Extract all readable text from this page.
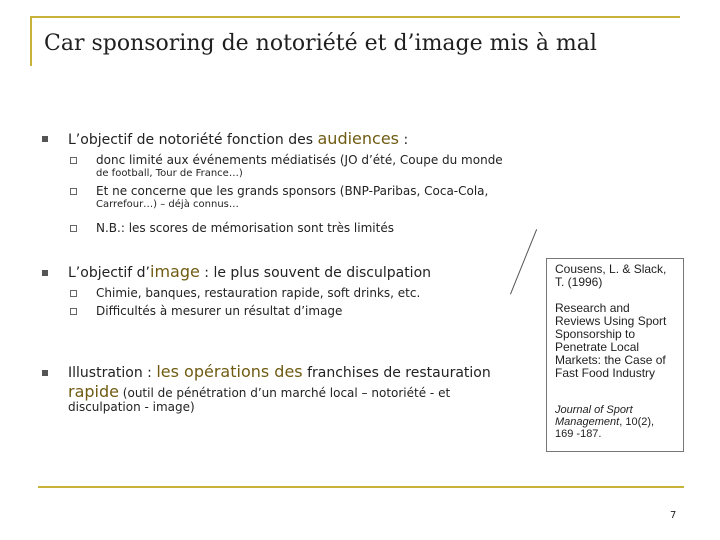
Car sponsoring de notoriété et d’image mis à mal
L’objectif de notoriété fonction des audiences :
donc limité aux événements médiatisés (JO d’été, Coupe du monde
de football, Tour de France…)
Et ne concerne que les grands sponsors (BNP-Paribas, Coca-Cola,
Carrefour…) – déjà connus…
N.B.: les scores de mémorisation sont très limités
L’objectif d’image : le plus souvent de disculpation
Chimie, banques, restauration rapide, soft drinks, etc.
Difficultés à mesurer un résultat d’image
Illustration : les opérations des franchises de restauration
rapide (outil de pénétration d’un marché local – notoriété - et
disculpation - image)
Cousens, L. & Slack, T. (1996)
Research and Reviews Using Sport Sponsorship to Penetrate Local Markets: the Case of Fast Food Industry
Journal of Sport Management, 10(2), 169 -187.
7
